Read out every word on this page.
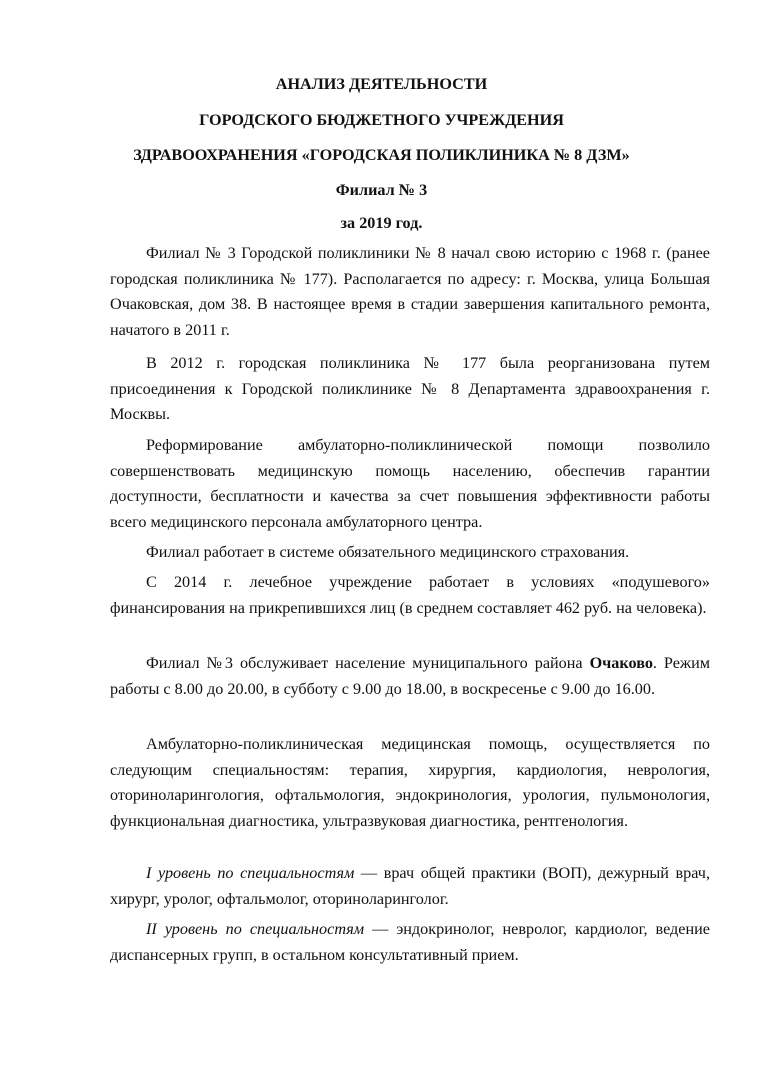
АНАЛИЗ ДЕЯТЕЛЬНОСТИ
ГОРОДСКОГО БЮДЖЕТНОГО УЧРЕЖДЕНИЯ
ЗДРАВООХРАНЕНИЯ «ГОРОДСКАЯ ПОЛИКЛИНИКА № 8 ДЗМ»
Филиал № 3
за 2019 год.
Филиал № 3 Городской поликлиники № 8 начал свою историю с 1968 г. (ранее городская поликлиника № 177). Располагается по адресу: г. Москва, улица Большая Очаковская, дом 38. В настоящее время в стадии завершения капитального ремонта, начатого в 2011 г.
В 2012 г. городская поликлиника № 177 была реорганизована путем присоединения к Городской поликлинике № 8 Департамента здравоохранения г. Москвы.
Реформирование амбулаторно-поликлинической помощи позволило совершенствовать медицинскую помощь населению, обеспечив гарантии доступности, бесплатности и качества за счет повышения эффективности работы всего медицинского персонала амбулаторного центра.
Филиал работает в системе обязательного медицинского страхования.
С 2014 г. лечебное учреждение работает в условиях «подушевого» финансирования на прикрепившихся лиц (в среднем составляет 462 руб. на человека).
Филиал №3 обслуживает население муниципального района Очаково. Режим работы с 8.00 до 20.00, в субботу с 9.00 до 18.00, в воскресенье с 9.00 до 16.00.
Амбулаторно-поликлиническая медицинская помощь, осуществляется по следующим специальностям: терапия, хирургия, кардиология, неврология, оториноларингология, офтальмология, эндокринология, урология, пульмонология, функциональная диагностика, ультразвуковая диагностика, рентгенология.
I уровень по специальностям — врач общей практики (ВОП), дежурный врач, хирург, уролог, офтальмолог, оториноларинголог.
II уровень по специальностям — эндокринолог, невролог, кардиолог, ведение диспансерных групп, в остальном консультативный прием.
